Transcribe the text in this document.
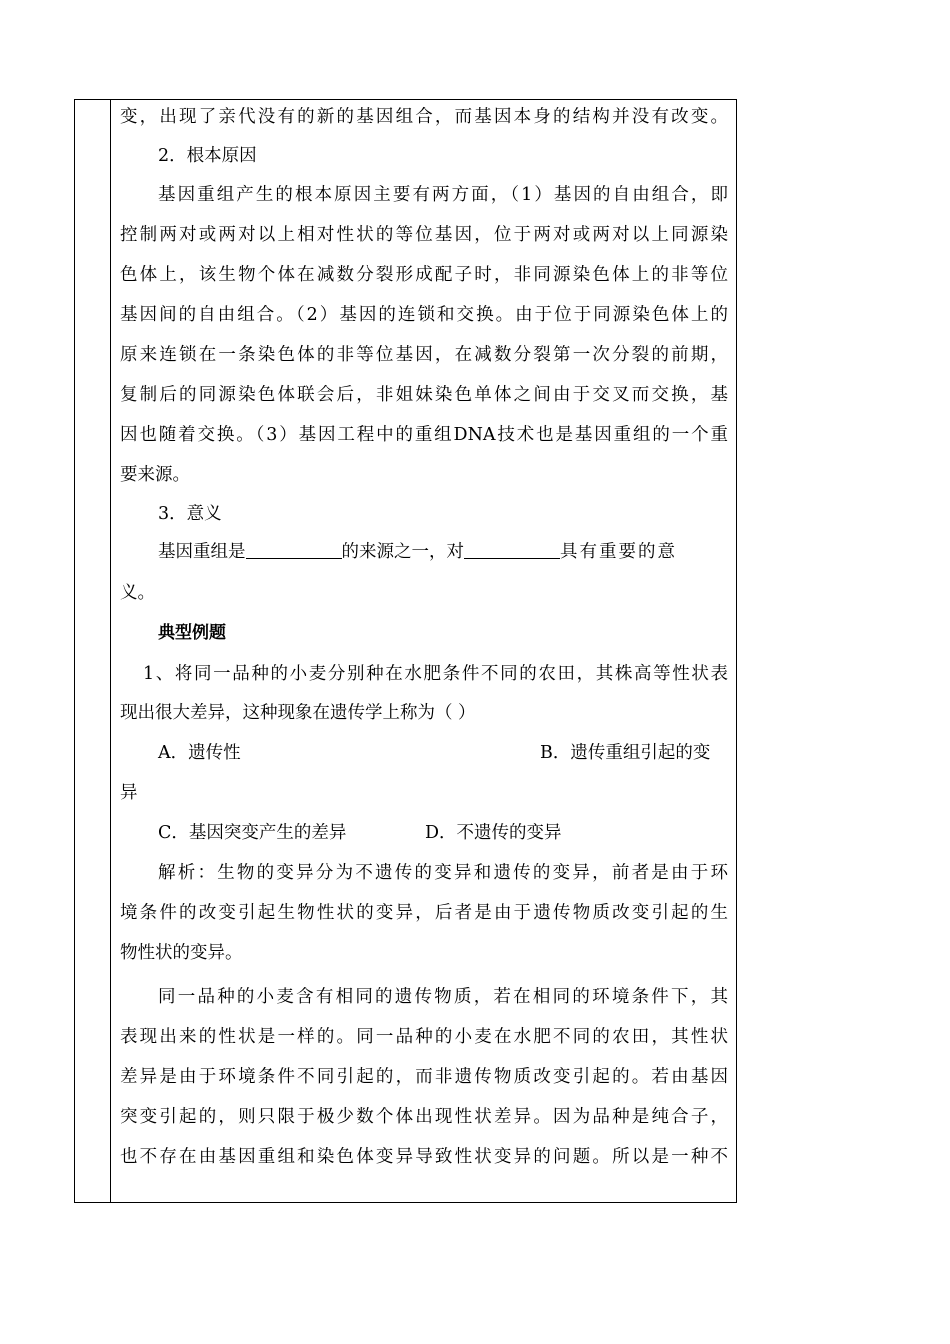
变，出现了亲代没有的新的基因组合，而基因本身的结构并没有改变。
2．根本原因
基因重组产生的根本原因主要有两方面，（1）基因的自由组合，即
控制两对或两对以上相对性状的等位基因，位于两对或两对以上同源染
色体上，该生物个体在减数分裂形成配子时，非同源染色体上的非等位
基因间的自由组合。（2）基因的连锁和交换。由于位于同源染色体上的
原来连锁在一条染色体的非等位基因，在减数分裂第一次分裂的前期，
复制后的同源染色体联会后，非姐妹染色单体之间由于交叉而交换，基
因也随着交换。（3）基因工程中的重组DNA技术也是基因重组的一个重
要来源。
3．意义
基因重组是	的来源之一，对	具有重要的意
义。
典型例题
1、将同一品种的小麦分别种在水肥条件不同的农田，其株高等性状表
现出很大差异，这种现象在遗传学上称为（ ）
A．遗传性	B．遗传重组引起的变
异
C．基因突变产生的差异	D．不遗传的变异
解析：生物的变异分为不遗传的变异和遗传的变异，前者是由于环
境条件的改变引起生物性状的变异，后者是由于遗传物质改变引起的生
物性状的变异。
同一品种的小麦含有相同的遗传物质，若在相同的环境条件下，其
表现出来的性状是一样的。同一品种的小麦在水肥不同的农田，其性状
差异是由于环境条件不同引起的，而非遗传物质改变引起的。若由基因
突变引起的，则只限于极少数个体出现性状差异。因为品种是纯合子，
也不存在由基因重组和染色体变异导致性状变异的问题。所以是一种不
